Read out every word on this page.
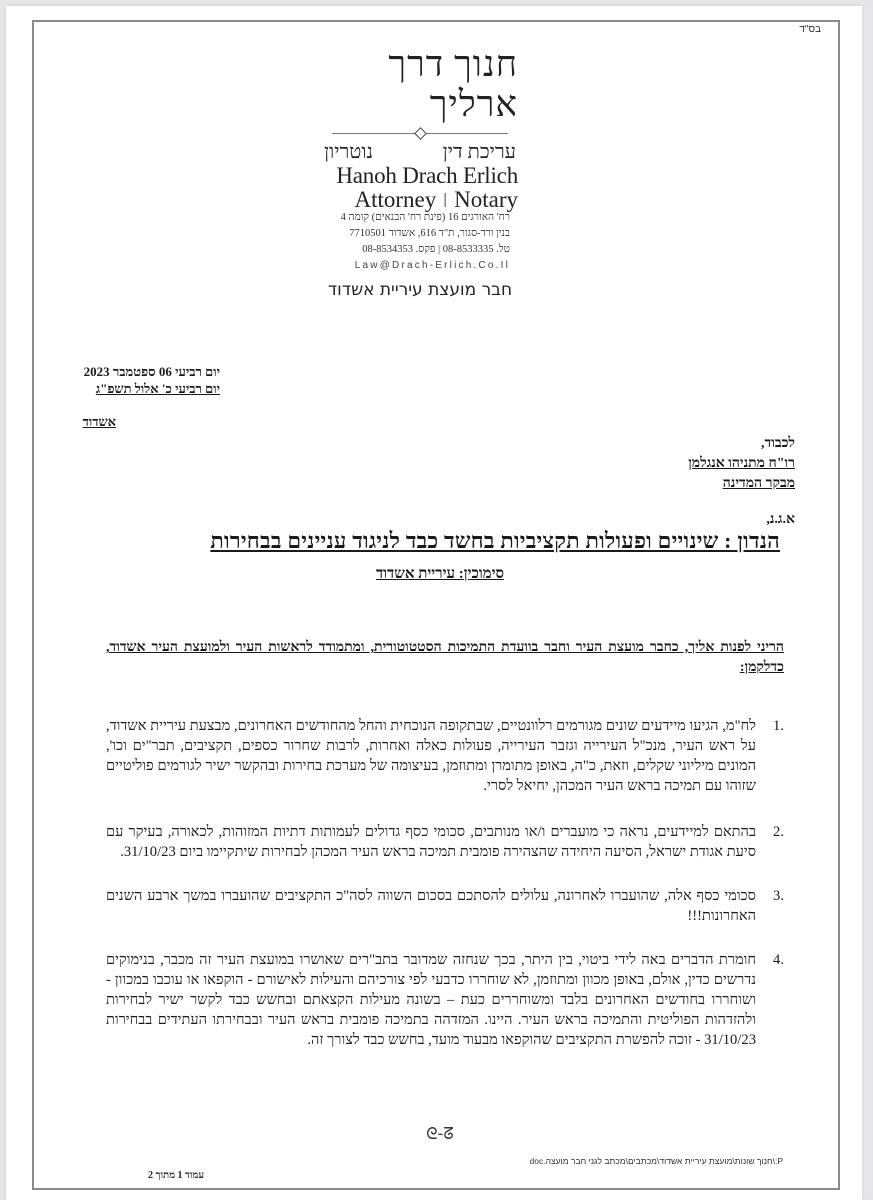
בס"ד
חנוך דרך ארליך
עריכת דין
נוטריון
Hanoh Drach Erlich
Attorney | Notary
רח' האורגים 16 (פינת רח' הבנאים) קומה 4
בנין ורד-סגור, ת"ד 616, אשדוד 7710501
טל. 08-8533335 | פקס. 08-8534353
Law@Drach-Erlich.Co.Il
חבר מועצת עיריית אשדוד
יום רביעי 06 ספטמבר 2023
יום רביעי כ' אלול תשפ"ג
אשדוד
לכבוד,
רו"ח מתניהו אנגלמן
מבקר המדינה
א.ג.נ,
הנדון : שינויים ופעולות תקציביות בחשד כבד לניגוד עניינים בבחירות
סימוכין: עיריית אשדוד
הריני לפנות אליך, כחבר מועצת העיר וחבר בוועדת התמיכות הסטטוטורית, ומתמודד לראשות העיר ולמועצת העיר אשדוד, כדלקמן:
1.
לח"מ, הגיעו מיידעים שונים מגורמים רלוונטיים, שבתקופה הנוכחית והחל מהחודשים האחרונים, מבצעת עיריית אשדוד, על ראש העיר, מנכ"ל העירייה וגזבר העירייה, פעולות כאלה ואחרות, לרבות שחרור כספים, תקציבים, תבר"ים וכו', המונים מיליוני שקלים, וזאת, כ"ה, באופן מתומרן ומתוזמן, בעיצומה של מערכת בחירות ובהקשר ישיר לגורמים פוליטיים שזוהו עם תמיכה בראש העיר המכהן, יחיאל לסרי.
2.
בהתאם למיידעים, נראה כי מועברים ו/או מנותבים, סכומי כסף גדולים לעמותות דתיות המזוהות, לכאורה, בעיקר עם סיעת אגודת ישראל, הסיעה היחידה שהצהירה פומבית תמיכה בראש העיר המכהן לבחירות שיתקיימו ביום 31/10/23.
3.
סכומי כסף אלה, שהועברו לאחרונה, עלולים להסתכם בסכום השווה לסה"כ התקציבים שהועברו במשך ארבע השנים האחרונות!!!
4.
חומרת הדברים באה לידי ביטוי, בין היתר, בכך שנחזה שמדובר בתב"רים שאושרו במועצת העיר זה מכבר, בנימוקים נדרשים כדין, אולם, באופן מכוון ומתוזמן, לא שוחררו כדבעי לפי צורכיהם והעילות לאישורם - הוקפאו או עוכבו במכוון - ושוחררו בחודשים האחרונים בלבד ומשוחררים כעת – בשונה מעילות הקצאתם ובחשש כבד לקשר ישיר לבחירות ולהזדהות הפוליטית והתמיכה בראש העיר. היינו. המזדהה בתמיכה פומבית בראש העיר ובבחירתו העתידים בבחירות 31/10/23 - זוכה להפשרת התקציבים שהוקפאו מבעוד מועד, בחשש כבד לצורך זה.
ᘓ-ᘔ
P:\חנוך שונות\מועצת עיריית אשדוד\מכתבים\מכתב לגני חבר מועצה.doc
עמוד 1 מתוך 2
